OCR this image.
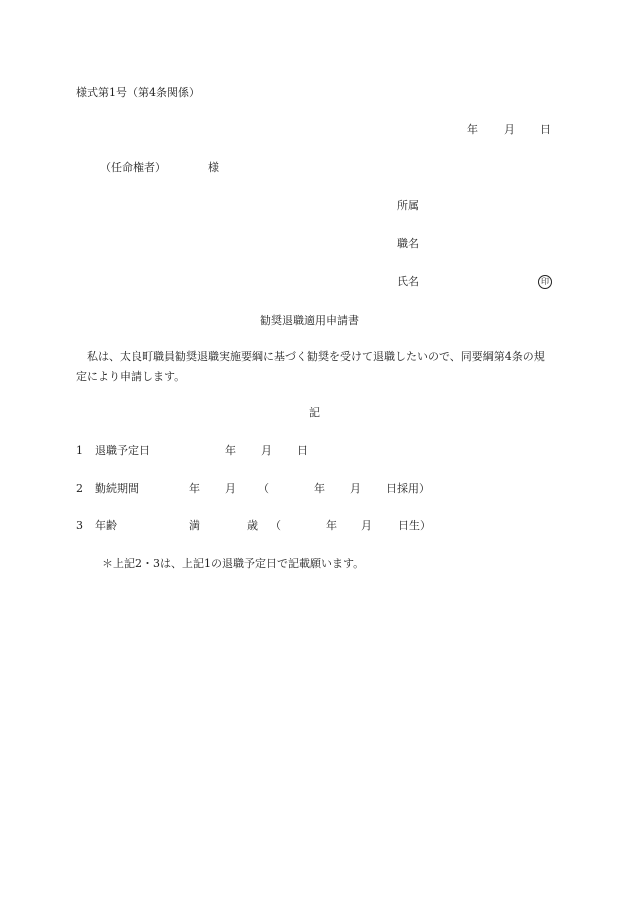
様式第1号（第4条関係）
年 月 日
（任命権者）	様
所属
職名
氏名	印
勧奨退職適用申請書
私は、太良町職員勧奨退職実施要綱に基づく勧奨を受けて退職したいので、同要綱第4条の規定により申請します。
記
1 退職予定日	年 月 日
2 勤続期間	年 月 （	年 月 日採用）
3 年齢	満	歳 （	年 月 日生）
＊上記2・3は、上記1の退職予定日で記載願います。
